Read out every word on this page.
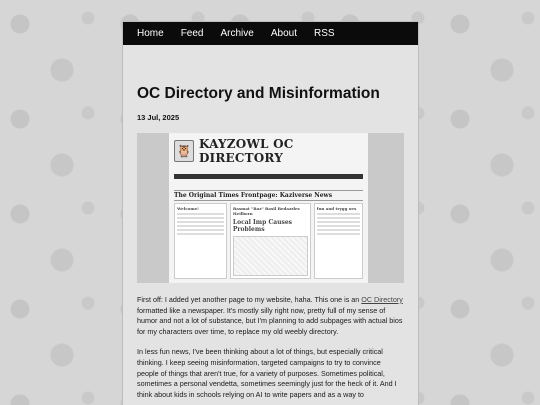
Home Feed Archive About RSS
OC Directory and Misinformation
13 Jul, 2025
🦉 KAYZOWL OC DIRECTORY

The Original Times Frontpage: Kaziverse News
Welcome!	Basmat "Baz" Basil Bedazzles Heilborn
Local Imp Causes Problems
fun and trygg oes

First off: I added yet another page to my website, haha. This one is an OC Directory formatted like a newspaper. It's mostly silly right now, pretty full of my sense of humor and not a lot of substance, but I'm planning to add subpages with actual bios for my characters over time, to replace my old weebly directory.

In less fun news, I've been thinking about a lot of things, but especially critical thinking. I keep seeing misinformation, targeted campaigns to try to convince people of things that aren't true, for a variety of purposes. Sometimes political, sometimes a personal vendetta, sometimes seemingly just for the heck of it. And I think about kids in schools relying on AI to write papers and as a way to
